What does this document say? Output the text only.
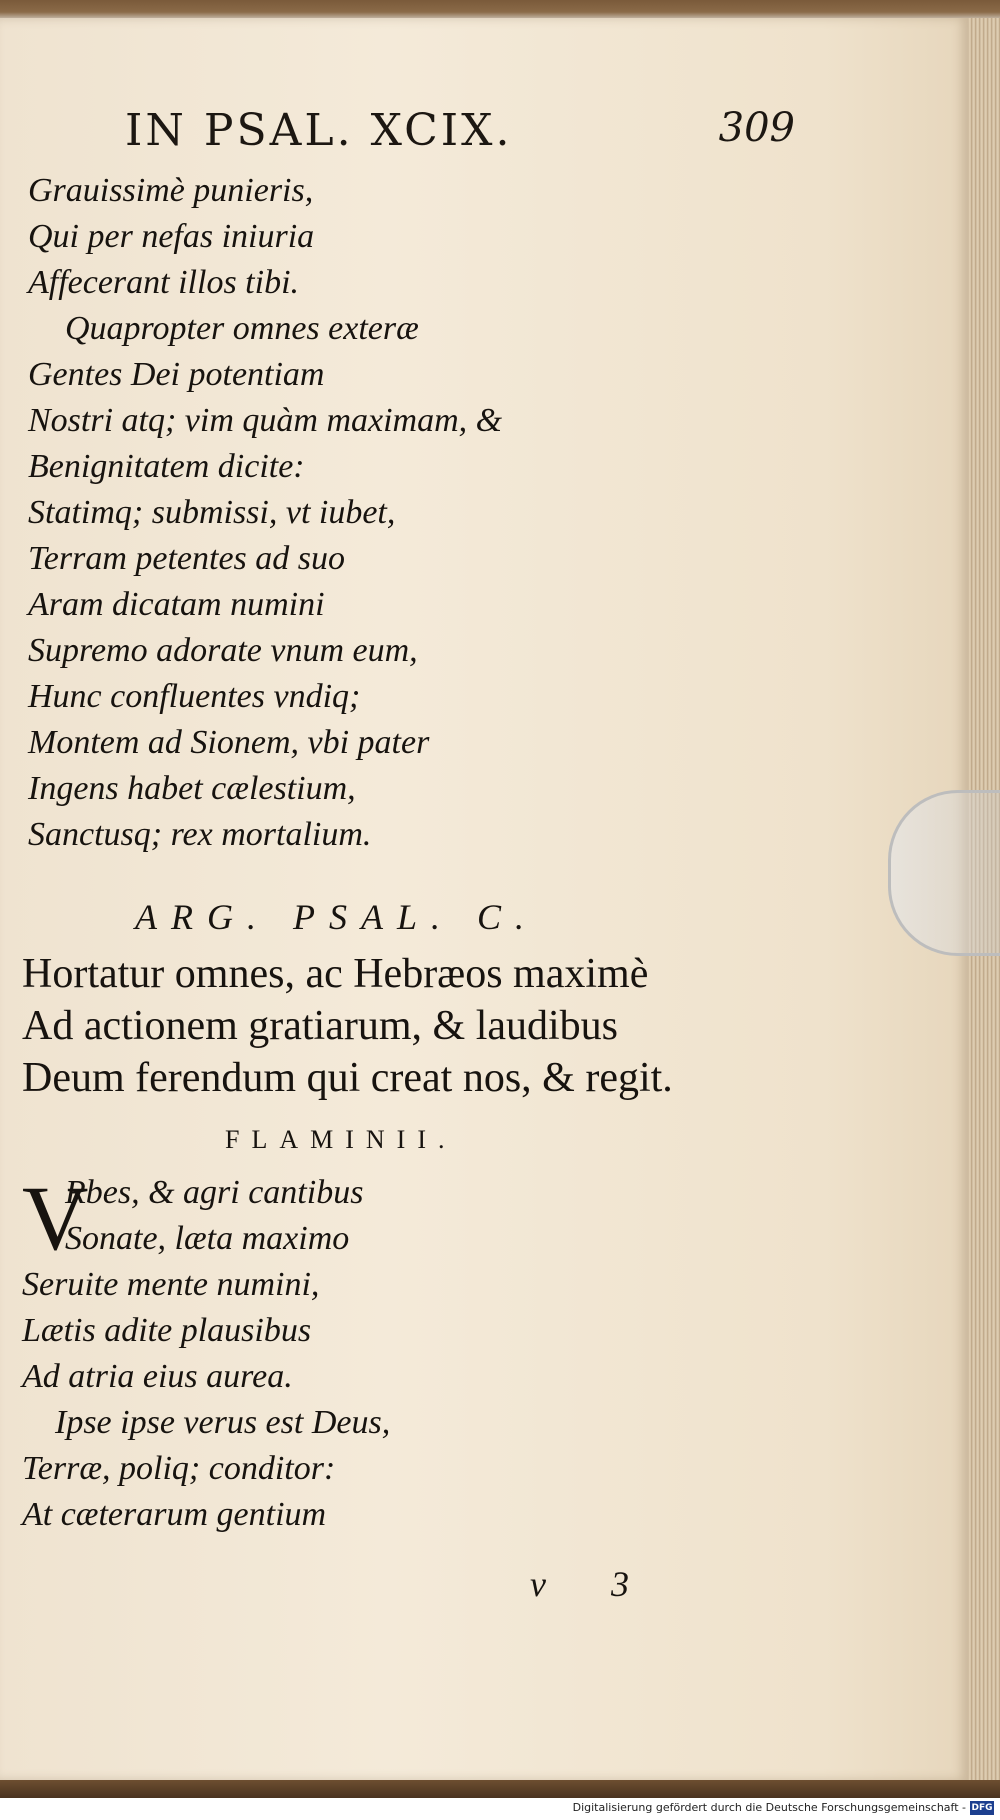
IN PSAL. XCIX.	309
Grauissimè punieris,
Qui per nefas iniuria
Affecerant illos tibi.
Quapropter omnes exteræ
Gentes Dei potentiam
Nostri atq; vim quàm maximam, &
Benignitatem dicite:
Statimq; submissi, vt iubet,
Terram petentes ad suo
Aram dicatam numini
Supremo adorate vnum eum,
Hunc confluentes vndiq;
Montem ad Sionem, vbi pater
Ingens habet cælestium,
Sanctusq; rex mortalium.
ARG. PSAL. C.
Hortatur omnes, ac Hebræos maximè
Ad actionem gratiarum, & laudibus
Deum ferendum qui creat nos, & regit.
FLAMINII.
V
Rbes, & agri cantibus
Sonate, læta maximo
Seruite mente numini,
Lætis adite plausibus
Ad atria eius aurea.
Ipse ipse verus est Deus,
Terræ, poliq; conditor:
At cæterarum gentium
v 3
Digitalisierung gefördert durch die Deutsche Forschungsgemeinschaft - DFG
